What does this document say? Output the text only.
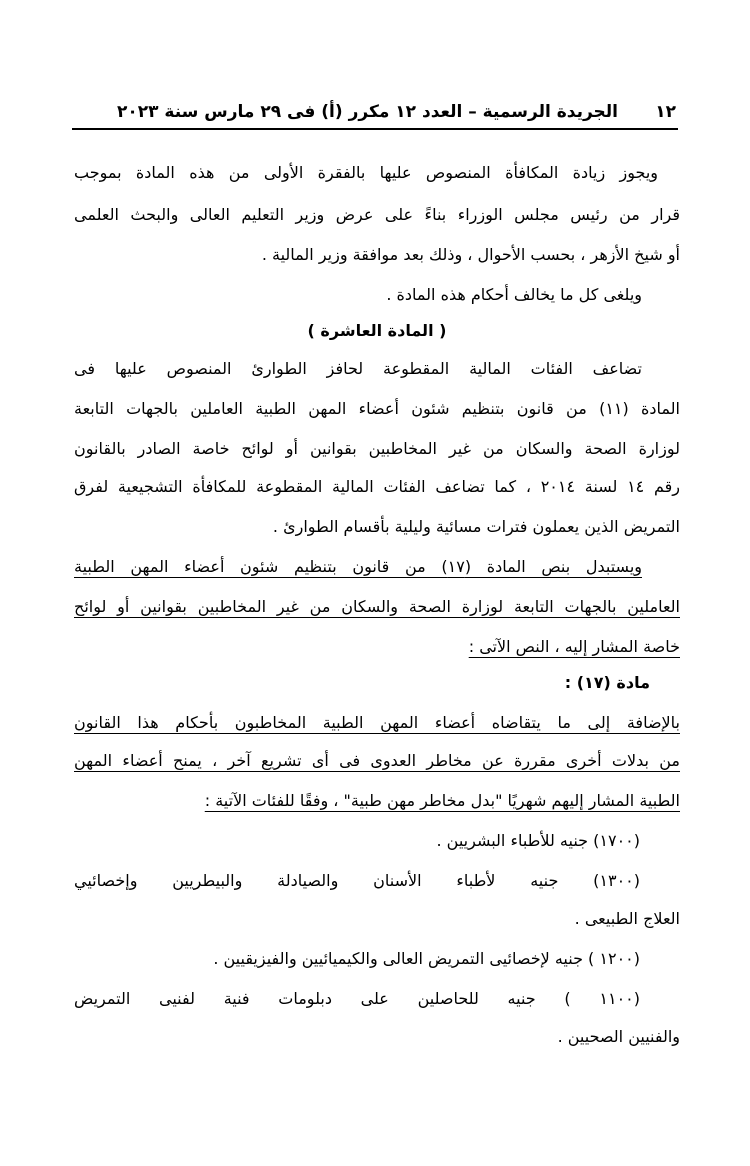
١٢
الجريدة الرسمية – العدد ١٢ مكرر (أ) فى ٢٩ مارس سنة ٢٠٢٣
ويجوز زيادة المكافأة المنصوص عليها بالفقرة الأولى من هذه المادة بموجب
قرار من رئيس مجلس الوزراء بناءً على عرض وزير التعليم العالى والبحث العلمى
أو شيخ الأزهر ، بحسب الأحوال ، وذلك بعد موافقة وزير المالية .
ويلغى كل ما يخالف أحكام هذه المادة .
( المادة العاشرة )
تضاعف الفئات المالية المقطوعة لحافز الطوارئ المنصوص عليها فى
المادة (١١) من قانون بتنظيم شئون أعضاء المهن الطبية العاملين بالجهات التابعة
لوزارة الصحة والسكان من غير المخاطبين بقوانين أو لوائح خاصة الصادر بالقانون
رقم ١٤ لسنة ٢٠١٤ ، كما تضاعف الفئات المالية المقطوعة للمكافأة التشجيعية لفرق
التمريض الذين يعملون فترات مسائية وليلية بأقسام الطوارئ .
ويستبدل بنص المادة (١٧) من قانون بتنظيم شئون أعضاء المهن الطبية
العاملين بالجهات التابعة لوزارة الصحة والسكان من غير المخاطبين بقوانين أو لوائح
خاصة المشار إليه ، النص الآتى :
مادة (١٧) :
بالإضافة إلى ما يتقاضاه أعضاء المهن الطبية المخاطبون بأحكام هذا القانون
من بدلات أخرى مقررة عن مخاطر العدوى فى أى تشريع آخر ، يمنح أعضاء المهن
الطبية المشار إليهم شهريًا "بدل مخاطر مهن طبية" ، وفقًا للفئات الآتية :
(١٧٠٠) جنيه للأطباء البشريين .
(١٣٠٠) جنيه لأطباء الأسنان والصيادلة والبيطريين وإخصائيي
العلاج الطبيعى .
(١٢٠٠ ) جنيه لإخصائيى التمريض العالى والكيميائيين والفيزيقيين .
(١١٠٠ ) جنيه للحاصلين على دبلومات فنية لفنيى التمريض
والفنيين الصحيين .
